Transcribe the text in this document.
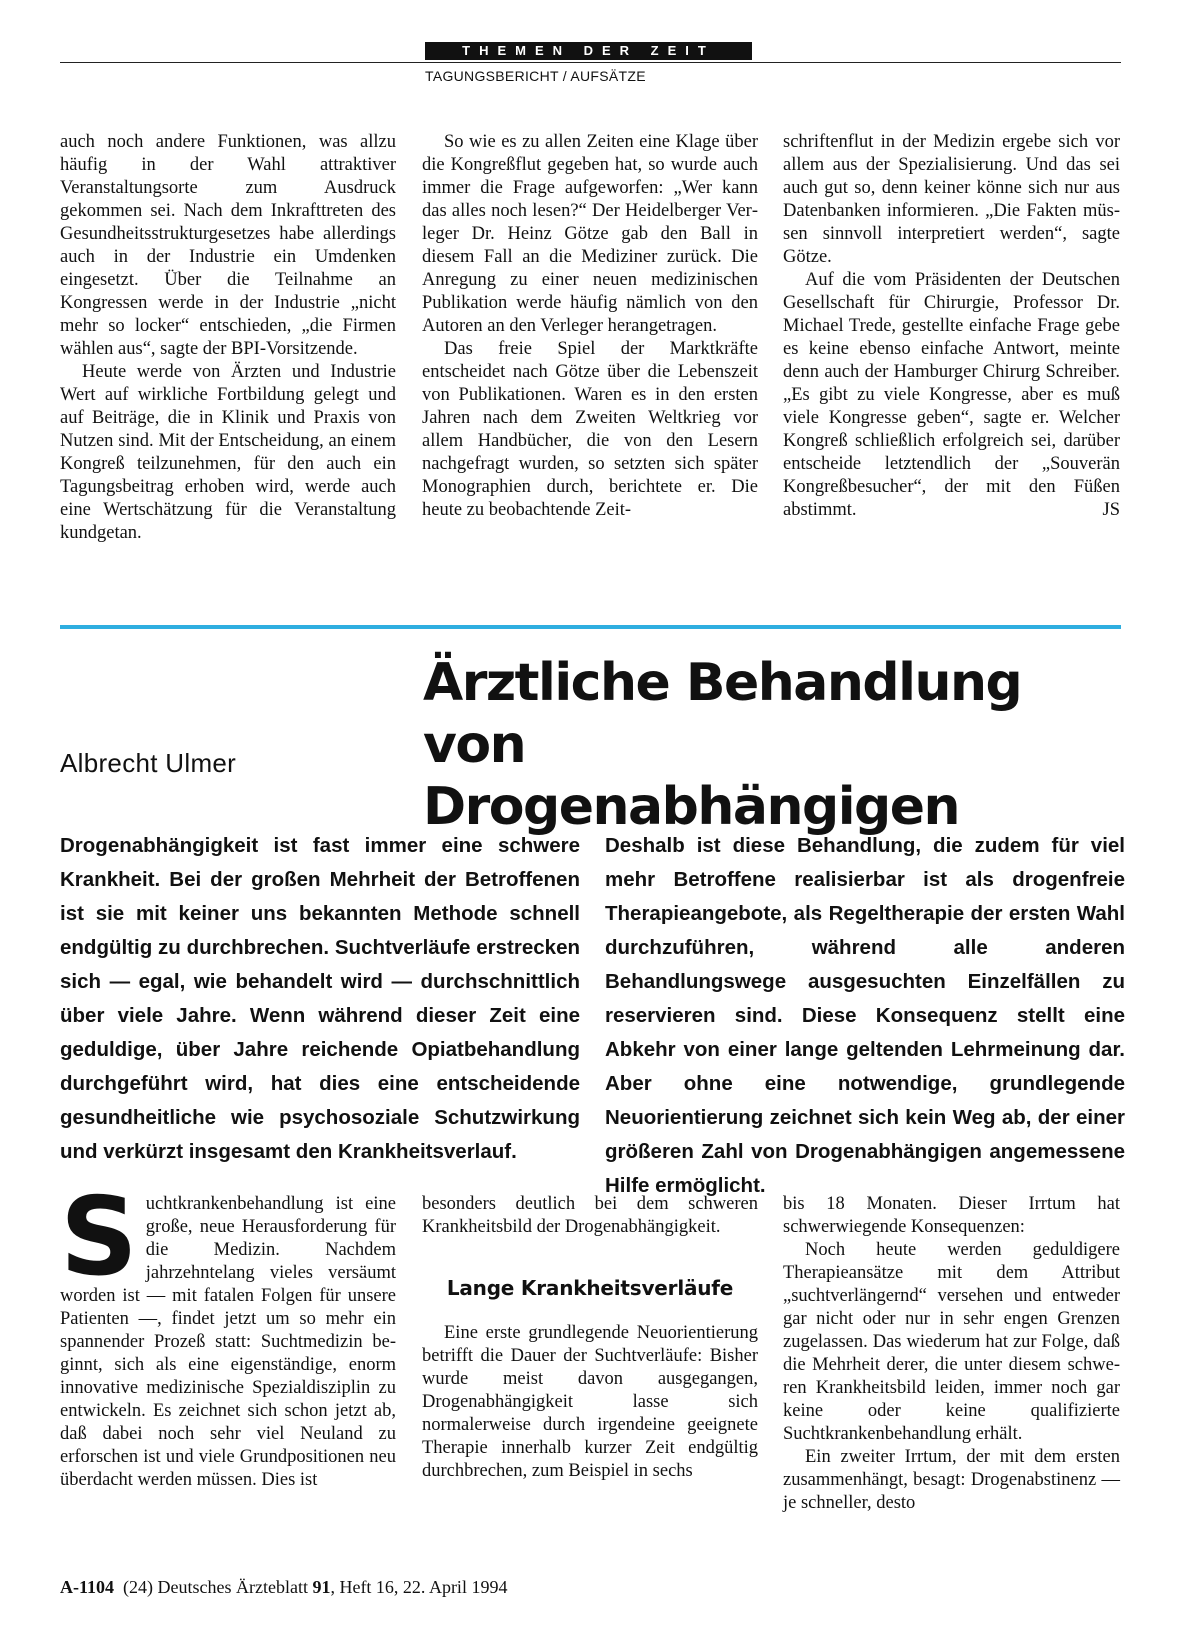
THEMEN DER ZEIT
TAGUNGSBERICHT / AUFSÄTZE

auch noch andere Funktionen, was allzu häufig in der Wahl attraktiver Veranstaltungsorte zum Ausdruck gekommen sei. Nach dem Inkrafttreten des Gesundheitsstrukturgesetzes habe allerdings auch in der Industrie ein Umdenken eingesetzt. Über die Teilnahme an Kongressen werde in der Industrie „nicht mehr so locker“ entschieden, „die Firmen wählen aus“, sagte der BPI-Vorsitzende.

Heute werde von Ärzten und Industrie Wert auf wirkliche Fortbildung gelegt und auf Beiträge, die in Klinik und Praxis von Nutzen sind. Mit der Entscheidung, an einem Kongreß teilzunehmen, für den auch ein Tagungsbeitrag erhoben wird, werde auch eine Wertschätzung für die Veranstaltung kundgetan.

So wie es zu allen Zeiten eine Klage über die Kongreßflut gegeben hat, so wurde auch immer die Frage aufgeworfen: „Wer kann das alles noch lesen?“ Der Heidelberger Verleger Dr. Heinz Götze gab den Ball in diesem Fall an die Mediziner zurück. Die Anregung zu einer neuen medizinischen Publikation werde häufig nämlich von den Autoren an den Verleger herangetragen.

Das freie Spiel der Marktkräfte entscheidet nach Götze über die Lebenszeit von Publikationen. Waren es in den ersten Jahren nach dem Zweiten Weltkrieg vor allem Handbücher, die von den Lesern nachgefragt wurden, so setzten sich später Monographien durch, berichtete er. Die heute zu beobachtende Zeit-

schriftenflut in der Medizin ergebe sich vor allem aus der Spezialisierung. Und das sei auch gut so, denn keiner könne sich nur aus Datenbanken informieren. „Die Fakten müssen sinnvoll interpretiert werden“, sagte Götze.

Auf die vom Präsidenten der Deutschen Gesellschaft für Chirurgie, Professor Dr. Michael Trede, gestellte einfache Frage gebe es keine ebenso einfache Antwort, meinte denn auch der Hamburger Chirurg Schreiber. „Es gibt zu viele Kongresse, aber es muß viele Kongresse geben“, sagte er. Welcher Kongreß schließlich erfolgreich sei, darüber entscheide letztendlich der „Souverän Kongreßbesucher“, der mit den Füßen abstimmt.	JS

Ärztliche Behandlung von
Drogenabhängigen
Albrecht Ulmer
Drogenabhängigkeit ist fast immer eine schwere Krankheit. Bei der großen Mehrheit der Betroffenen ist sie mit keiner uns bekannten Methode schnell endgültig zu durchbrechen. Suchtverläufe erstrecken sich — egal, wie behandelt wird — durchschnittlich über viele Jahre. Wenn während dieser Zeit eine geduldige, über Jahre reichende Opiatbehandlung durchgeführt wird, hat dies eine entscheidende gesundheitliche wie psychosoziale Schutzwirkung und verkürzt insgesamt den Krankheitsverlauf.
Deshalb ist diese Behandlung, die zudem für viel mehr Betroffene realisierbar ist als drogenfreie Therapieangebote, als Regeltherapie der ersten Wahl durchzuführen, während alle anderen Behandlungswege ausgesuchten Einzelfällen zu reservieren sind. Diese Konsequenz stellt eine Abkehr von einer lange geltenden Lehrmeinung dar. Aber ohne eine notwendige, grundlegende Neuorientierung zeichnet sich kein Weg ab, der einer größeren Zahl von Drogenabhängigen angemessene Hilfe ermöglicht.
S uchtkrankenbehandlung ist eine große, neue Herausforderung für die Medizin. Nachdem jahrzehntelang vieles versäumt worden ist — mit fatalen Folgen für unsere Patienten —, findet jetzt um so mehr ein spannender Prozeß statt: Suchtmedizin beginnt, sich als eine eigenständige, enorm innovative medizinische Spezialdisziplin zu entwickeln. Es zeichnet sich schon jetzt ab, daß dabei noch sehr viel Neuland zu erforschen ist und viele Grundpositionen neu überdacht werden müssen. Dies ist

besonders deutlich bei dem schweren Krankheitsbild der Drogenabhängigkeit.

Lange Krankheitsverläufe

Eine erste grundlegende Neuorientierung betrifft die Dauer der Suchtverläufe: Bisher wurde meist davon ausgegangen, Drogenabhängigkeit lasse sich normalerweise durch irgendeine geeignete Therapie innerhalb kurzer Zeit endgültig durchbrechen, zum Beispiel in sechs

bis 18 Monaten. Dieser Irrtum hat schwerwiegende Konsequenzen:

Noch heute werden geduldigere Therapieansätze mit dem Attribut „suchtverlängernd“ versehen und entweder gar nicht oder nur in sehr engen Grenzen zugelassen. Das wiederum hat zur Folge, daß die Mehrheit derer, die unter diesem schweren Krankheitsbild leiden, immer noch gar keine oder keine qualifizierte Suchtkrankenbehandlung erhält.

Ein zweiter Irrtum, der mit dem ersten zusammenhängt, besagt: Drogenabstinenz — je schneller, desto

A-1104 (24) Deutsches Ärzteblatt 91, Heft 16, 22. April 1994
